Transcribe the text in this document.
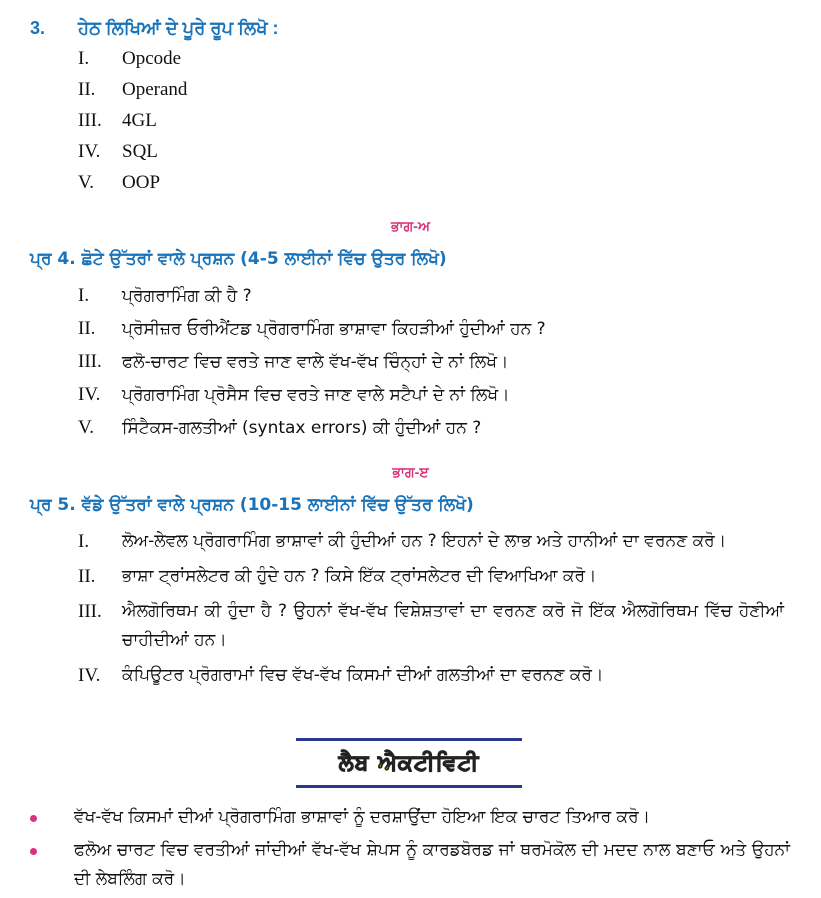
3. ਹੇਠ ਲਿਖਿਆਂ ਦੇ ਪੂਰੇ ਰੂਪ ਲਿਖੋ :
I.	Opcode
II.	Operand
III.	4GL
IV.	SQL
V.	OOP
ਭਾਗ-ਅ
ਪ੍ਰ 4. ਛੋਟੇ ਉੱਤਰਾਂ ਵਾਲੇ ਪ੍ਰਸ਼ਨ (4-5 ਲਾਈਨਾਂ ਵਿੱਚ ਉਤਰ ਲਿਖੋ)
I.	ਪ੍ਰੋਗਰਾਮਿੰਗ ਕੀ ਹੈ ?
II.	ਪ੍ਰੋਸੀਜ਼ਰ ਓਰੀਐਂਟਡ ਪ੍ਰੋਗਰਾਮਿੰਗ ਭਾਸ਼ਾਵਾ ਕਿਹੜੀਆਂ ਹੁੰਦੀਆਂ ਹਨ ?
III.	ਫਲੋ-ਚਾਰਟ ਵਿਚ ਵਰਤੇ ਜਾਣ ਵਾਲੇ ਵੱਖ-ਵੱਖ ਚਿੰਨ੍ਹਾਂ ਦੇ ਨਾਂ ਲਿਖੋ।
IV.	ਪ੍ਰੋਗਰਾਮਿੰਗ ਪ੍ਰੋਸੈਸ ਵਿਚ ਵਰਤੇ ਜਾਣ ਵਾਲੇ ਸਟੈਪਾਂ ਦੇ ਨਾਂ ਲਿਖੋ।
V.	ਸਿੰਟੈਕਸ-ਗਲਤੀਆਂ (syntax errors) ਕੀ ਹੁੰਦੀਆਂ ਹਨ ?
ਭਾਗ-ੲ
ਪ੍ਰ 5. ਵੱਡੇ ਉੱਤਰਾਂ ਵਾਲੇ ਪ੍ਰਸ਼ਨ (10-15 ਲਾਈਨਾਂ ਵਿੱਚ ਉੱਤਰ ਲਿਖੋ)
I.	ਲੋਅ-ਲੇਵਲ ਪ੍ਰੋਗਰਾਮਿੰਗ ਭਾਸ਼ਾਵਾਂ ਕੀ ਹੁੰਦੀਆਂ ਹਨ ? ਇਹਨਾਂ ਦੇ ਲਾਭ ਅਤੇ ਹਾਨੀਆਂ ਦਾ ਵਰਨਣ ਕਰੋ।
II.	ਭਾਸ਼ਾ ਟ੍ਰਾਂਸਲੇਟਰ ਕੀ ਹੁੰਦੇ ਹਨ ? ਕਿਸੇ ਇੱਕ ਟ੍ਰਾਂਸਲੇਟਰ ਦੀ ਵਿਆਖਿਆ ਕਰੋ।
III.	ਐਲਗੋਰਿਥਮ ਕੀ ਹੁੰਦਾ ਹੈ ? ਉਹਨਾਂ ਵੱਖ-ਵੱਖ ਵਿਸ਼ੇਸ਼ਤਾਵਾਂ ਦਾ ਵਰਨਣ ਕਰੋ ਜੋ ਇੱਕ ਐਲਗੋਰਿਥਮ ਵਿੱਚ ਹੋਣੀਆਂ ਚਾਹੀਦੀਆਂ ਹਨ।
IV.	ਕੰਪਿਊਟਰ ਪ੍ਰੋਗਰਾਮਾਂ ਵਿਚ ਵੱਖ-ਵੱਖ ਕਿਸਮਾਂ ਦੀਆਂ ਗਲਤੀਆਂ ਦਾ ਵਰਨਣ ਕਰੋ।
ਲੈਬ ਐਕਟੀਵਿਟੀ
ਵੱਖ-ਵੱਖ ਕਿਸਮਾਂ ਦੀਆਂ ਪ੍ਰੋਗਰਾਮਿੰਗ ਭਾਸ਼ਾਵਾਂ ਨੂੰ ਦਰਸ਼ਾਉਂਦਾ ਹੋਇਆ ਇਕ ਚਾਰਟ ਤਿਆਰ ਕਰੋ।
ਫਲੋਅ ਚਾਰਟ ਵਿਚ ਵਰਤੀਆਂ ਜਾਂਦੀਆਂ ਵੱਖ-ਵੱਖ ਸ਼ੇਪਸ ਨੂੰ ਕਾਰਡਬੋਰਡ ਜਾਂ ਥਰਮੋਕੋਲ ਦੀ ਮਦਦ ਨਾਲ ਬਣਾਓ ਅਤੇ ਉਹਨਾਂ ਦੀ ਲੇਬਲਿੰਗ ਕਰੋ।
